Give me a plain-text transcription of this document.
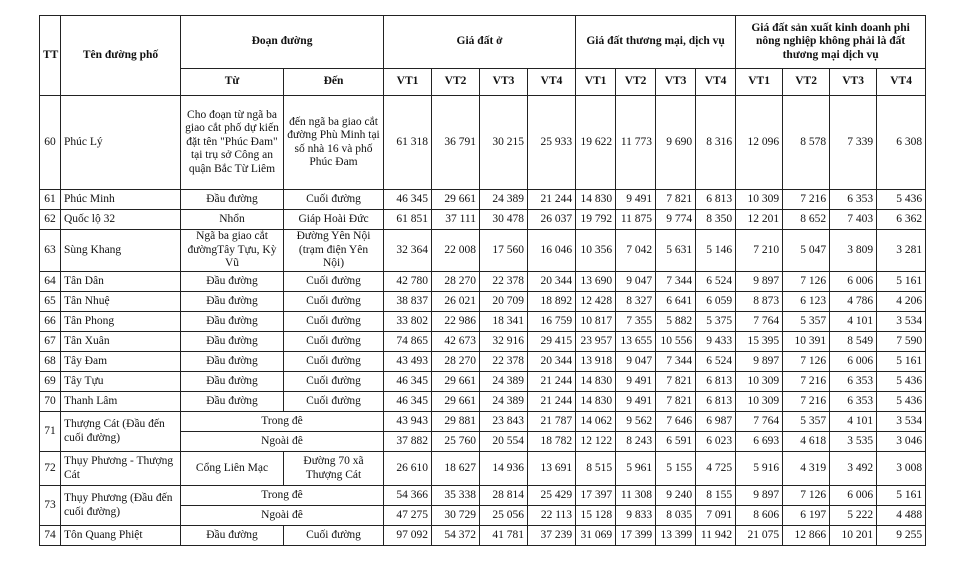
TT	Tên đường phố	Đoạn đường		Giá đất ở				Giá đất thương mại, dịch vụ				Giá đất sản xuất kinh doanh phi nông nghiệp không phải là đất thương mại dịch vụ			
		Từ	Đến	VT1	VT2	VT3	VT4	VT1	VT2	VT3	VT4	VT1	VT2	VT3	VT4
60	Phúc Lý	Cho đoạn từ ngã ba giao cắt phố dự kiến đặt tên "Phúc Đam" tại trụ sở Công an quận Bắc Từ Liêm	đến ngã ba giao cắt đường Phù Minh tại số nhà 16 và phố Phúc Đam	61 318	36 791	30 215	25 933	19 622	11 773	9 690	8 316	12 096	8 578	7 339	6 308
61	Phúc Minh	Đầu đường	Cuối đường	46 345	29 661	24 389	21 244	14 830	9 491	7 821	6 813	10 309	7 216	6 353	5 436
62	Quốc lộ 32	Nhổn	Giáp Hoài Đức	61 851	37 111	30 478	26 037	19 792	11 875	9 774	8 350	12 201	8 652	7 403	6 362
63	Sùng Khang	Ngã ba giao cắt đườngTây Tựu, Kỳ Vũ	Đường Yên Nội (trạm điện Yên Nội)	32 364	22 008	17 560	16 046	10 356	7 042	5 631	5 146	7 210	5 047	3 809	3 281
64	Tân Dân	Đầu đường	Cuối đường	42 780	28 270	22 378	20 344	13 690	9 047	7 344	6 524	9 897	7 126	6 006	5 161
65	Tân Nhuệ	Đầu đường	Cuối đường	38 837	26 021	20 709	18 892	12 428	8 327	6 641	6 059	8 873	6 123	4 786	4 206
66	Tân Phong	Đầu đường	Cuối đường	33 802	22 986	18 341	16 759	10 817	7 355	5 882	5 375	7 764	5 357	4 101	3 534
67	Tân Xuân	Đầu đường	Cuối đường	74 865	42 673	32 916	29 415	23 957	13 655	10 556	9 433	15 395	10 391	8 549	7 590
68	Tây Đam	Đầu đường	Cuối đường	43 493	28 270	22 378	20 344	13 918	9 047	7 344	6 524	9 897	7 126	6 006	5 161
69	Tây Tựu	Đầu đường	Cuối đường	46 345	29 661	24 389	21 244	14 830	9 491	7 821	6 813	10 309	7 216	6 353	5 436
70	Thanh Lâm	Đầu đường	Cuối đường	46 345	29 661	24 389	21 244	14 830	9 491	7 821	6 813	10 309	7 216	6 353	5 436
71	Thượng Cát (Đầu đến cuối đường)	Trong đê		43 943	29 881	23 843	21 787	14 062	9 562	7 646	6 987	7 764	5 357	4 101	3 534
		Ngoài đê		37 882	25 760	20 554	18 782	12 122	8 243	6 591	6 023	6 693	4 618	3 535	3 046
72	Thụy Phương - Thượng Cát	Cổng Liên Mạc	Đường 70 xã Thượng Cát	26 610	18 627	14 936	13 691	8 515	5 961	5 155	4 725	5 916	4 319	3 492	3 008
73	Thụy Phương (Đầu đến cuối đường)	Trong đê		54 366	35 338	28 814	25 429	17 397	11 308	9 240	8 155	9 897	7 126	6 006	5 161
		Ngoài đê		47 275	30 729	25 056	22 113	15 128	9 833	8 035	7 091	8 606	6 197	5 222	4 488
74	Tôn Quang Phiệt	Đầu đường	Cuối đường	97 092	54 372	41 781	37 239	31 069	17 399	13 399	11 942	21 075	12 866	10 201	9 255
